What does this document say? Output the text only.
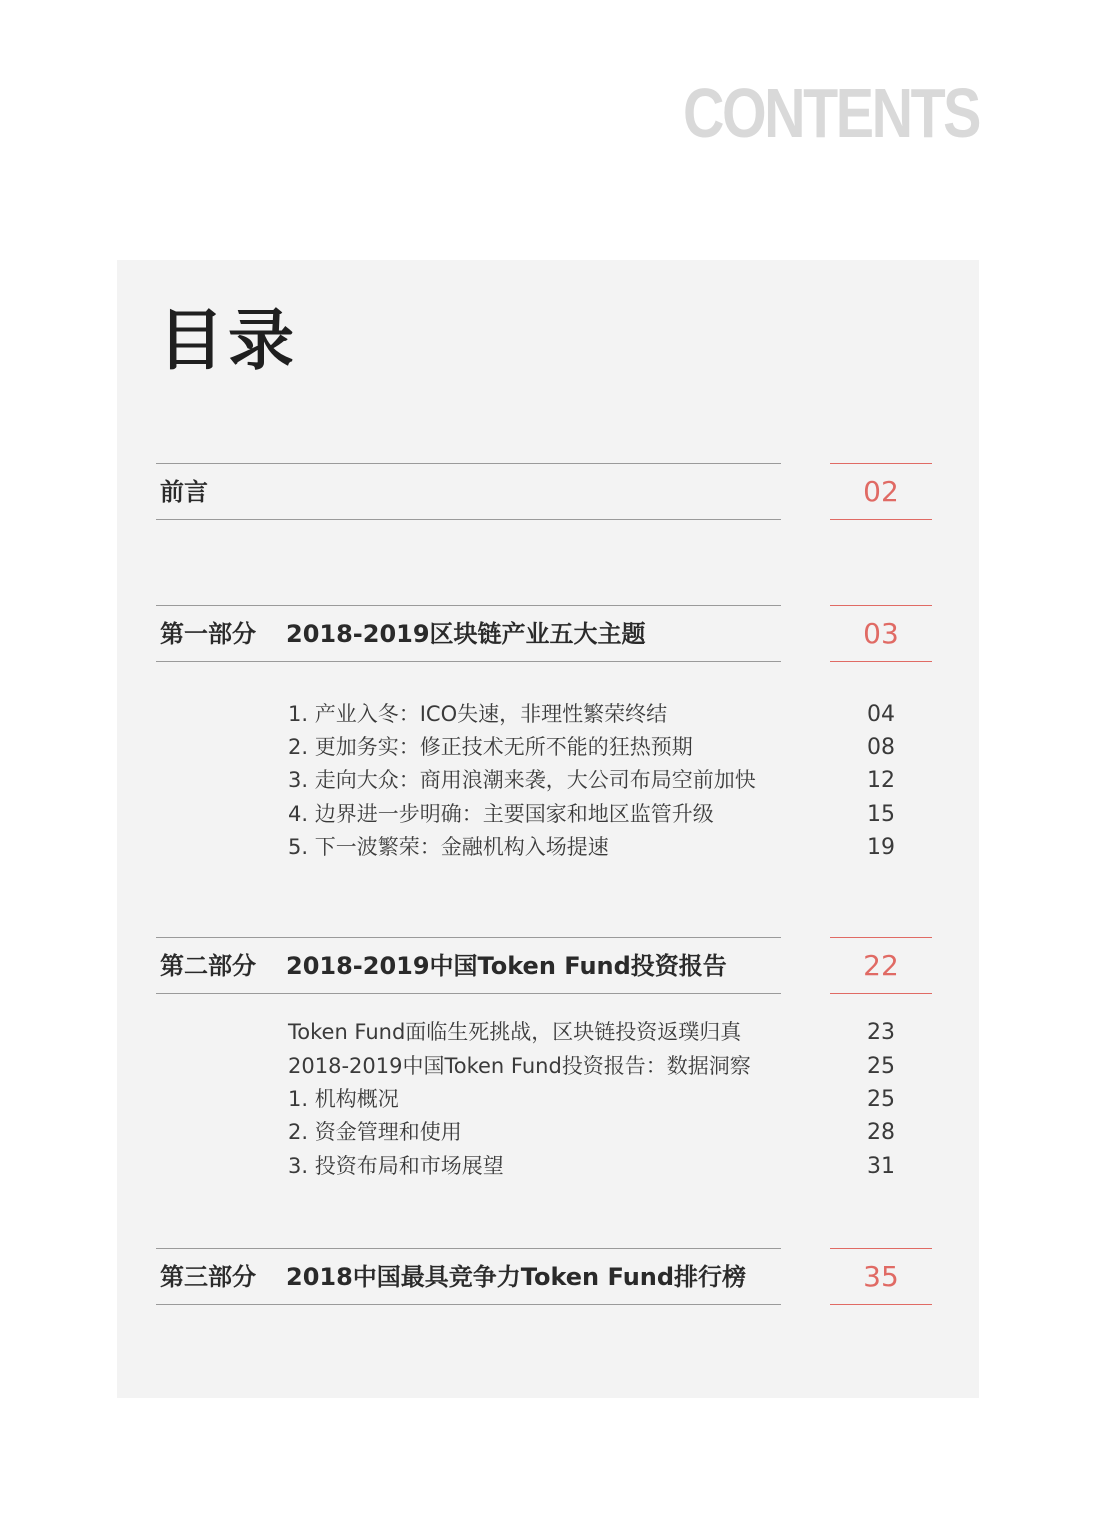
CONTENTS
目录
前言	02
第一部分 2018-2019区块链产业五大主题	03
1. 产业入冬：ICO失速，非理性繁荣终结	04
2. 更加务实：修正技术无所不能的狂热预期	08
3. 走向大众：商用浪潮来袭，大公司布局空前加快	12
4. 边界进一步明确：主要国家和地区监管升级	15
5. 下一波繁荣：金融机构入场提速	19
第二部分 2018-2019中国Token Fund投资报告	22
Token Fund面临生死挑战，区块链投资返璞归真	23
2018-2019中国Token Fund投资报告：数据洞察	25
1. 机构概况	25
2. 资金管理和使用	28
3. 投资布局和市场展望	31
第三部分 2018中国最具竞争力Token Fund排行榜	35
